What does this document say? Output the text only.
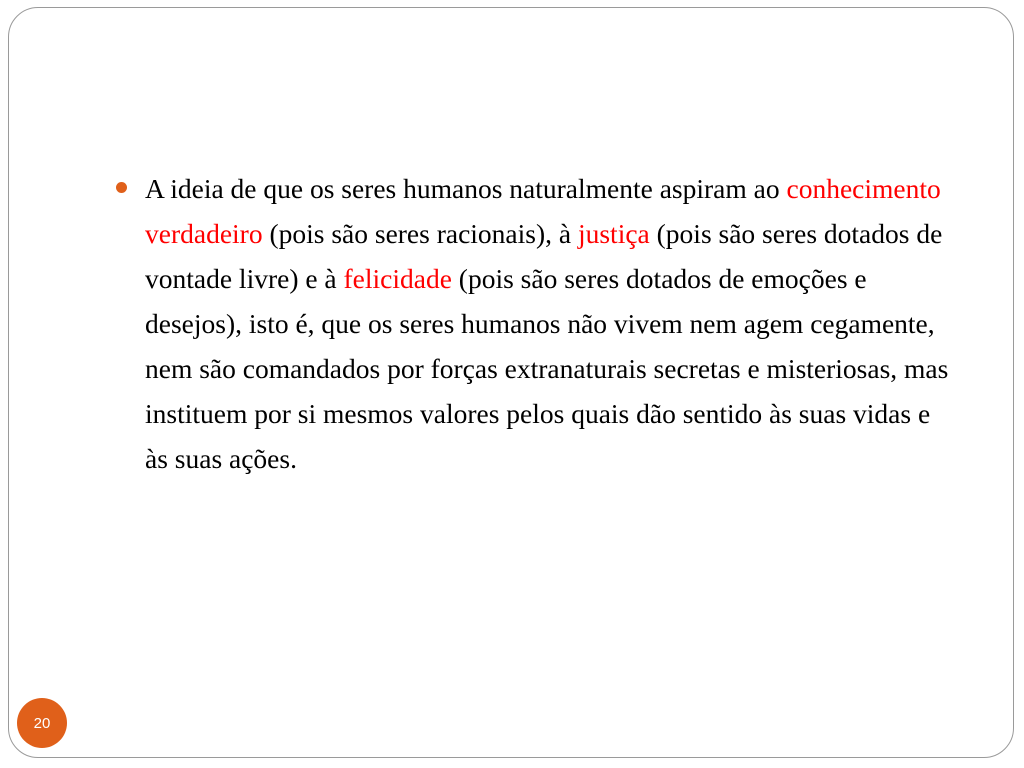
A ideia de que os seres humanos naturalmente aspiram ao conhecimento verdadeiro (pois são seres racionais), à justiça (pois são seres dotados de vontade livre) e à felicidade (pois são seres dotados de emoções e desejos), isto é, que os seres humanos não vivem nem agem cegamente, nem são comandados por forças extranaturais secretas e misteriosas, mas instituem por si mesmos valores pelos quais dão sentido às suas vidas e às suas ações.

20
